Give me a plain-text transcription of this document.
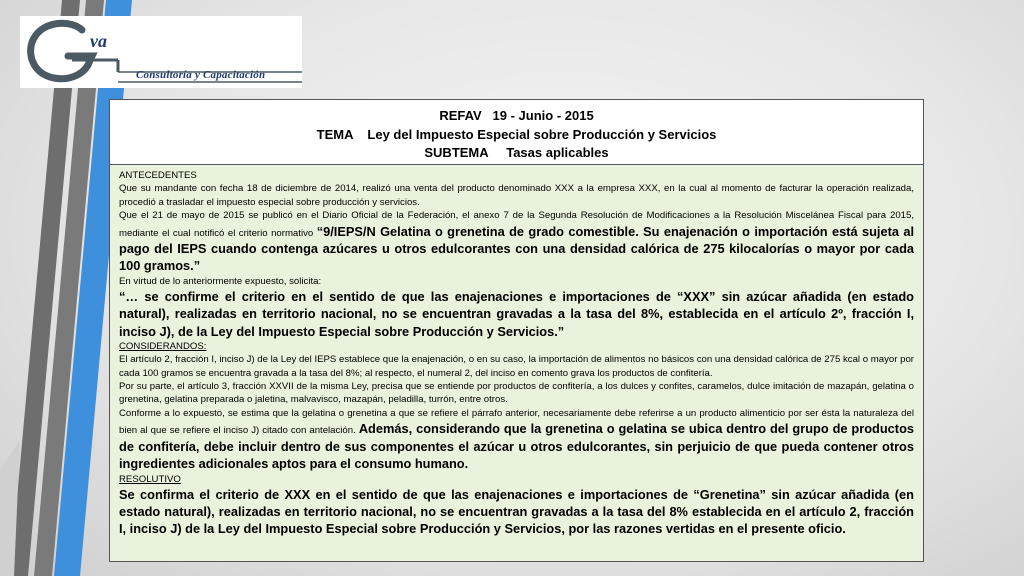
va
Consultoría y Capacitación
REFAV   19 - Junio - 2015
TEMA    Ley del Impuesto Especial sobre Producción y Servicios
SUBTEMA     Tasas aplicables

ANTECEDENTES

Que su mandante con fecha 18 de diciembre de 2014, realizó una venta del producto denominado XXX a la empresa XXX, en la cual al momento de facturar la operación realizada, procedió a trasladar el impuesto especial sobre producción y servicios.

Que el 21 de mayo de 2015 se publicó en el Diario Oficial de la Federación, el anexo 7 de la Segunda Resolución de Modificaciones a la Resolución Miscelánea Fiscal para 2015, mediante el cual notificó el criterio normativo “9/IEPS/N Gelatina o grenetina de grado comestible. Su enajenación o importación está sujeta al pago del IEPS cuando contenga azúcares u otros edulcorantes con una densidad calórica de 275 kilocalorías o mayor por cada 100 gramos.”

En virtud de lo anteriormente expuesto, solicita:

“… se confirme el criterio en el sentido de que las enajenaciones e importaciones de “XXX” sin azúcar añadida (en estado natural), realizadas en territorio nacional, no se encuentran gravadas a la tasa del 8%, establecida en el artículo 2º, fracción I, inciso J), de la Ley del Impuesto Especial sobre Producción y Servicios.”

CONSIDERANDOS:

El artículo 2, fracción I, inciso J) de la Ley del IEPS establece que la enajenación, o en su caso, la importación de alimentos no básicos con una densidad calórica de 275 kcal o mayor por cada 100 gramos se encuentra gravada a la tasa del 8%; al respecto, el numeral 2, del inciso en comento grava los productos de confitería.

Por su parte, el artículo 3, fracción XXVII de la misma Ley, precisa que se entiende por productos de confitería, a los dulces y confites, caramelos, dulce imitación de mazapán, gelatina o grenetina, gelatina preparada o jaletina, malvavisco, mazapán, peladilla, turrón, entre otros.

Conforme a lo expuesto, se estima que la gelatina o grenetina a que se refiere el párrafo anterior, necesariamente debe referirse a un producto alimenticio por ser ésta la naturaleza del bien al que se refiere el inciso J) citado con antelación. Además, considerando que la grenetina o gelatina se ubica dentro del grupo de productos de confitería, debe incluir dentro de sus componentes el azúcar u otros edulcorantes, sin perjuicio de que pueda contener otros ingredientes adicionales aptos para el consumo humano.

RESOLUTIVO

Se confirma el criterio de XXX en el sentido de que las enajenaciones e importaciones de “Grenetina” sin azúcar añadida (en estado natural), realizadas en territorio nacional, no se encuentran gravadas a la tasa del 8% establecida en el artículo 2, fracción I, inciso J) de la Ley del Impuesto Especial sobre Producción y Servicios, por las razones vertidas en el presente oficio.
